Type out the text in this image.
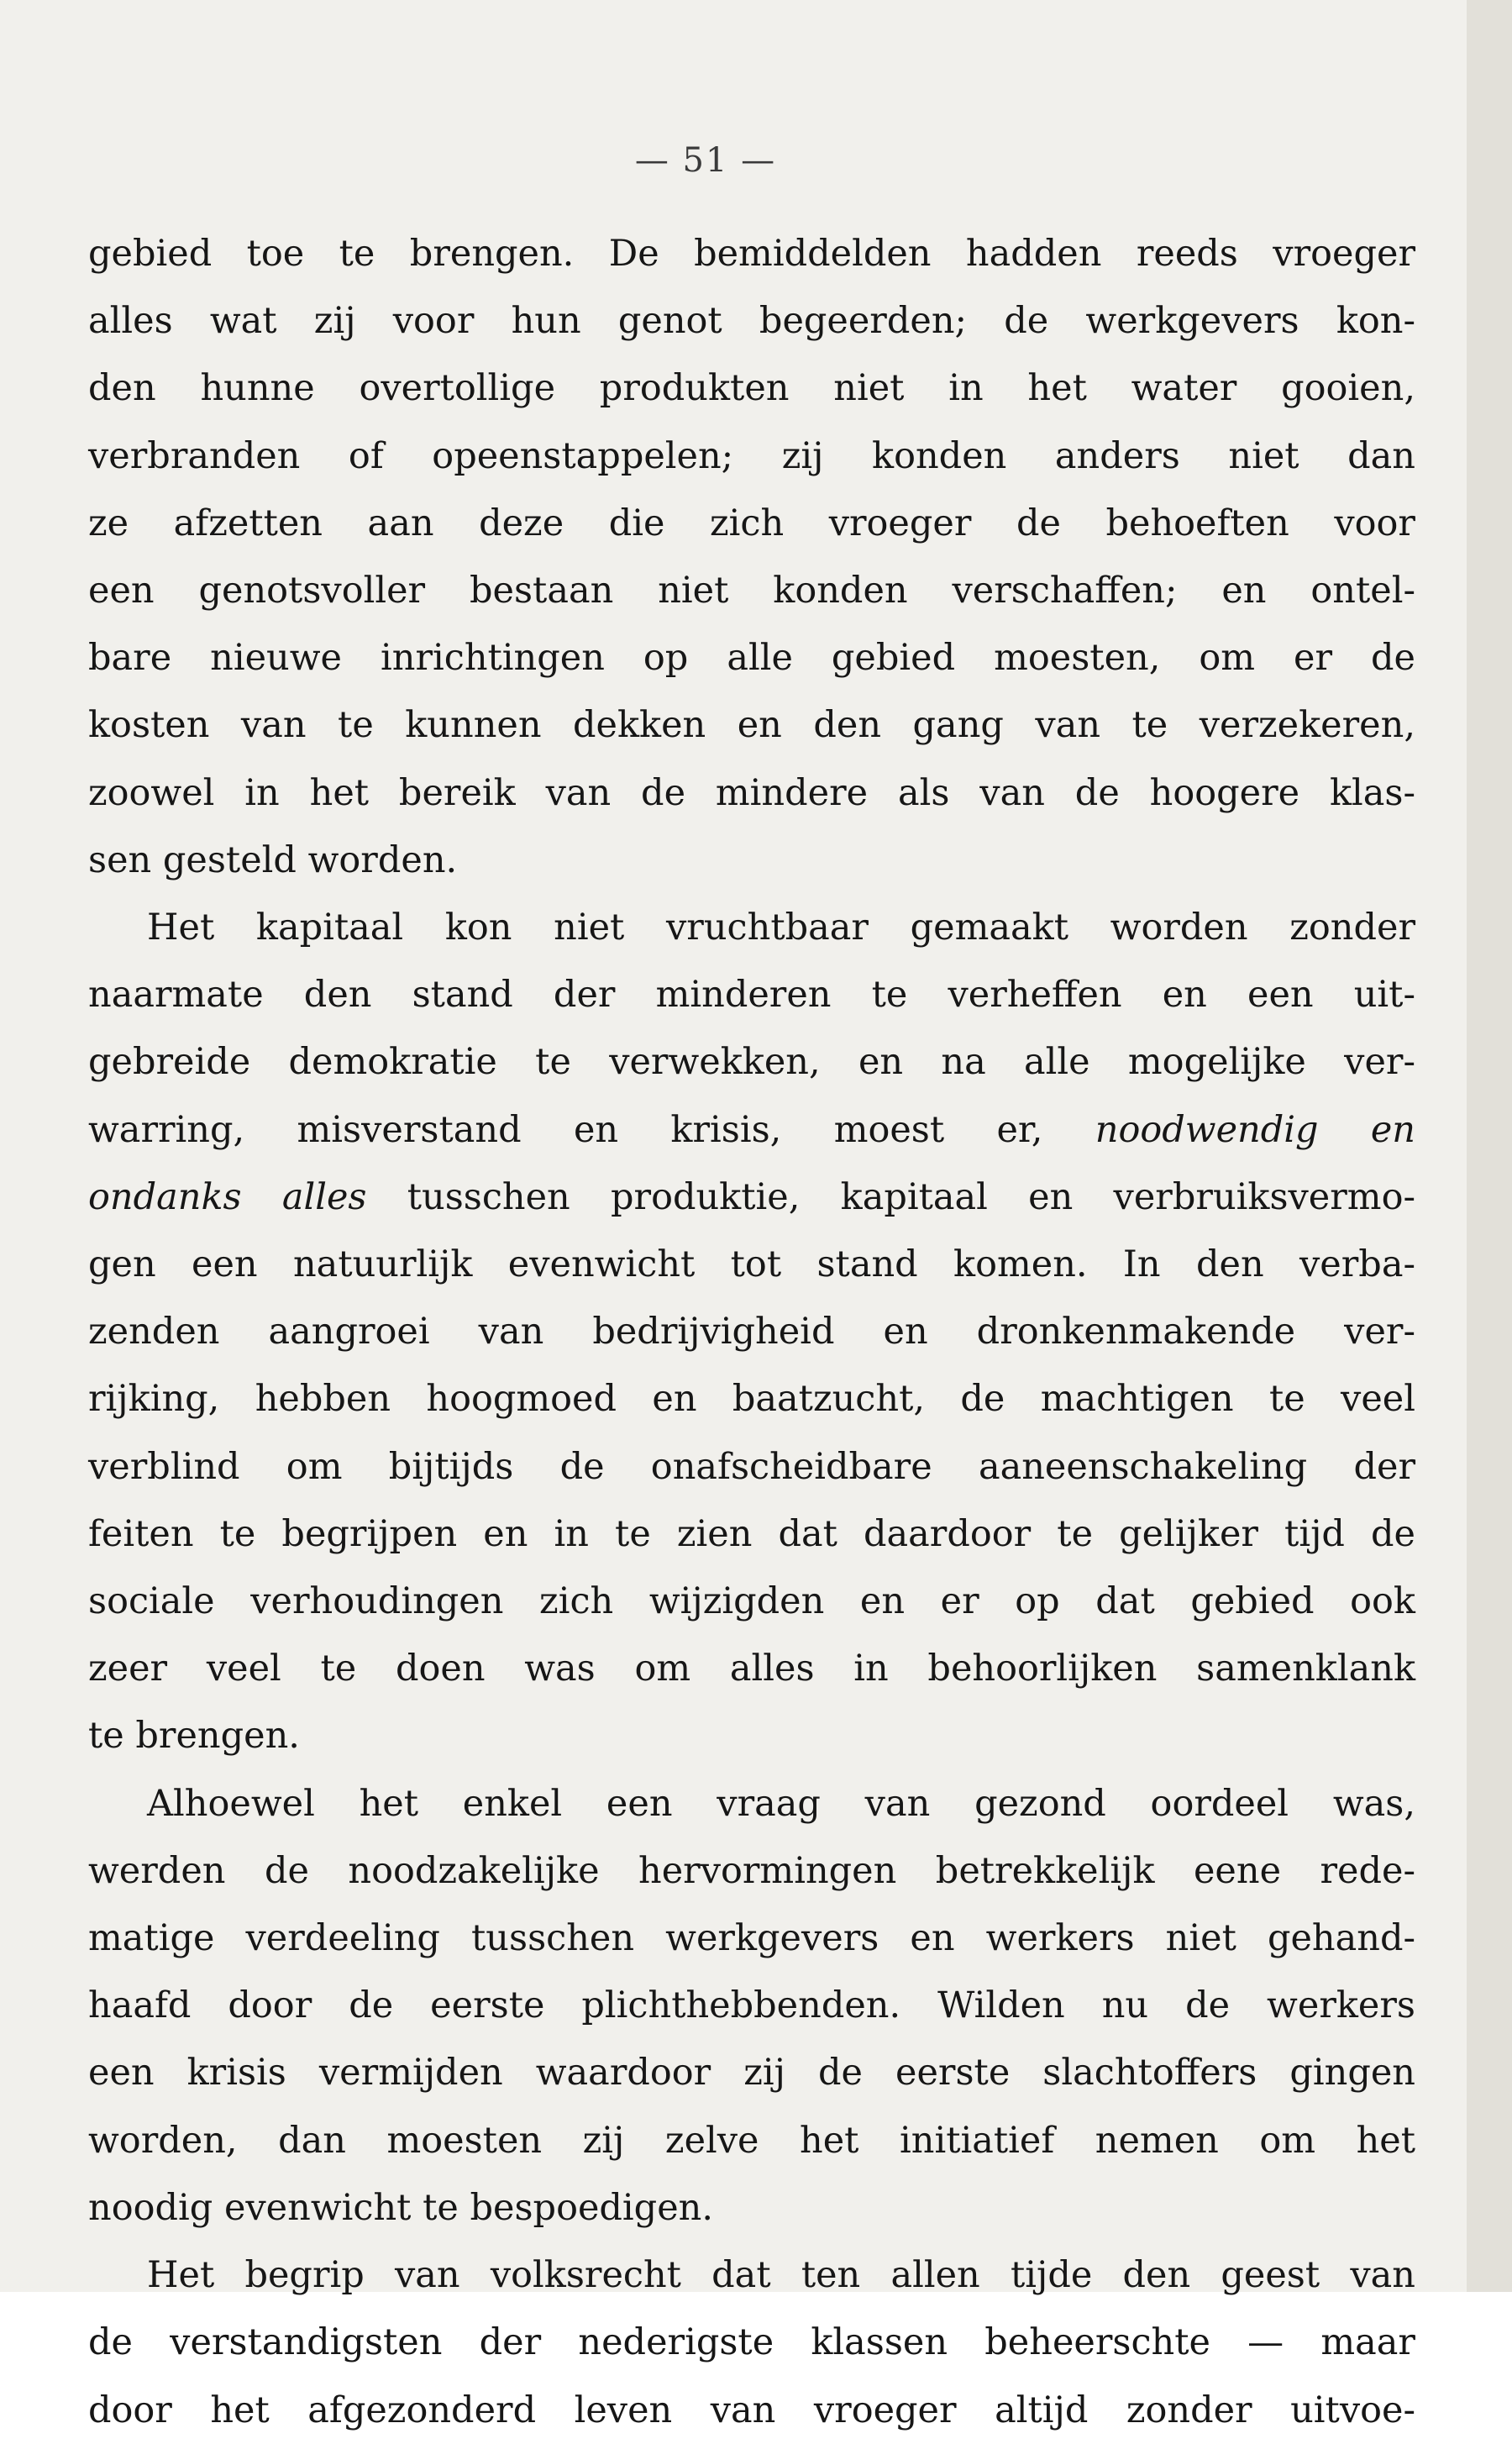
— 51 —
gebied toe te brengen. De bemiddelden hadden reeds vroeger
alles wat zij voor hun genot begeerden; de werkgevers kon-
den hunne overtollige produkten niet in het water gooien,
verbranden of opeenstappelen; zij konden anders niet dan
ze afzetten aan deze die zich vroeger de behoeften voor
een genotsvoller bestaan niet konden verschaffen; en ontel-
bare nieuwe inrichtingen op alle gebied moesten, om er de
kosten van te kunnen dekken en den gang van te verzekeren,
zoowel in het bereik van de mindere als van de hoogere klas-
sen gesteld worden.
Het kapitaal kon niet vruchtbaar gemaakt worden zonder
naarmate den stand der minderen te verheffen en een uit-
gebreide demokratie te verwekken, en na alle mogelijke ver-
warring, misverstand en krisis, moest er, noodwendig en
ondanks alles tusschen produktie, kapitaal en verbruiksvermo-
gen een natuurlijk evenwicht tot stand komen. In den verba-
zenden aangroei van bedrijvigheid en dronkenmakende ver-
rijking, hebben hoogmoed en baatzucht, de machtigen te veel
verblind om bijtijds de onafscheidbare aaneenschakeling der
feiten te begrijpen en in te zien dat daardoor te gelijker tijd de
sociale verhoudingen zich wijzigden en er op dat gebied ook
zeer veel te doen was om alles in behoorlijken samenklank
te brengen.
Alhoewel het enkel een vraag van gezond oordeel was,
werden de noodzakelijke hervormingen betrekkelijk eene rede-
matige verdeeling tusschen werkgevers en werkers niet gehand-
haafd door de eerste plichthebbenden. Wilden nu de werkers
een krisis vermijden waardoor zij de eerste slachtoffers gingen
worden, dan moesten zij zelve het initiatief nemen om het
noodig evenwicht te bespoedigen.
Het begrip van volksrecht dat ten allen tijde den geest van
de verstandigsten der nederigste klassen beheerschte — maar
door het afgezonderd leven van vroeger altijd zonder uitvoe-
